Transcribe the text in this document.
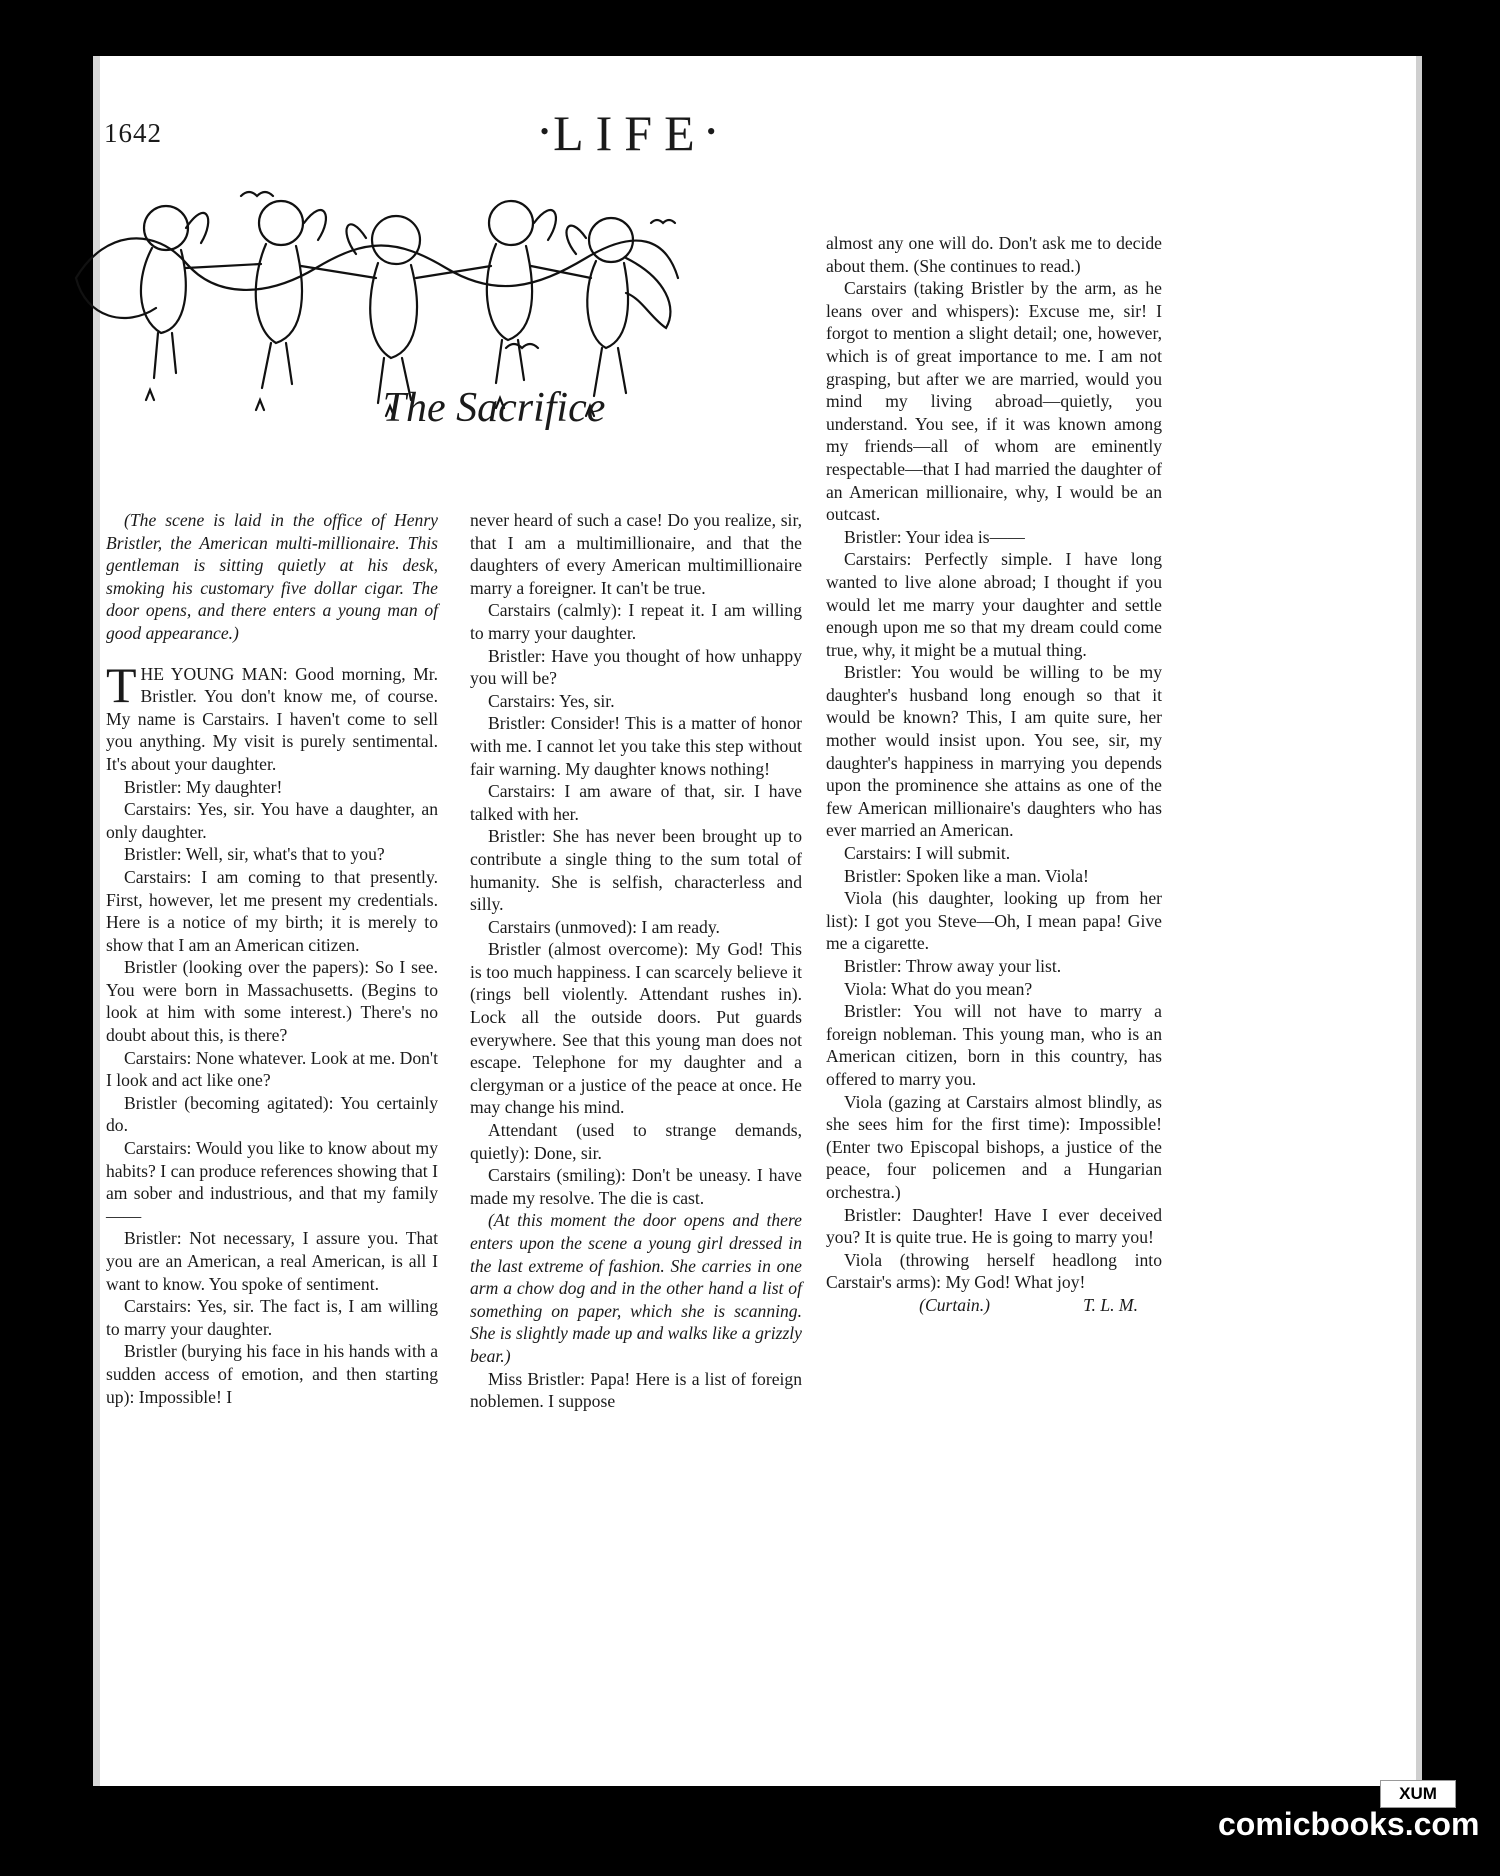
1642	•LIFE•
The Sacrifice

(The scene is laid in the office of Henry Bristler, the American multi-millionaire. This gentleman is sitting quietly at his desk, smoking his customary five dollar cigar. The door opens, and there enters a young man of good appearance.)

THE YOUNG MAN: Good morning, Mr. Bristler. You don't know me, of course. My name is Carstairs. I haven't come to sell you anything. My visit is purely sentimental. It's about your daughter.

Bristler: My daughter!

Carstairs: Yes, sir. You have a daughter, an only daughter.

Bristler: Well, sir, what's that to you?

Carstairs: I am coming to that presently. First, however, let me present my credentials. Here is a notice of my birth; it is merely to show that I am an American citizen.

Bristler (looking over the papers): So I see. You were born in Massachusetts. (Begins to look at him with some interest.) There's no doubt about this, is there?

Carstairs: None whatever. Look at me. Don't I look and act like one?

Bristler (becoming agitated): You certainly do.

Carstairs: Would you like to know about my habits? I can produce references showing that I am sober and industrious, and that my family——

Bristler: Not necessary, I assure you. That you are an American, a real American, is all I want to know. You spoke of sentiment.

Carstairs: Yes, sir. The fact is, I am willing to marry your daughter.

Bristler (burying his face in his hands with a sudden access of emotion, and then starting up): Impossible! I

never heard of such a case! Do you realize, sir, that I am a multimillionaire, and that the daughters of every American multimillionaire marry a foreigner. It can't be true.

Carstairs (calmly): I repeat it. I am willing to marry your daughter.

Bristler: Have you thought of how unhappy you will be?

Carstairs: Yes, sir.

Bristler: Consider! This is a matter of honor with me. I cannot let you take this step without fair warning. My daughter knows nothing!

Carstairs: I am aware of that, sir. I have talked with her.

Bristler: She has never been brought up to contribute a single thing to the sum total of humanity. She is selfish, characterless and silly.

Carstairs (unmoved): I am ready.

Bristler (almost overcome): My God! This is too much happiness. I can scarcely believe it (rings bell violently. Attendant rushes in). Lock all the outside doors. Put guards everywhere. See that this young man does not escape. Telephone for my daughter and a clergyman or a justice of the peace at once. He may change his mind.

Attendant (used to strange demands, quietly): Done, sir.

Carstairs (smiling): Don't be uneasy. I have made my resolve. The die is cast.

(At this moment the door opens and there enters upon the scene a young girl dressed in the last extreme of fashion. She carries in one arm a chow dog and in the other hand a list of something on paper, which she is scanning. She is slightly made up and walks like a grizzly bear.)

Miss Bristler: Papa! Here is a list of foreign noblemen. I suppose

almost any one will do. Don't ask me to decide about them. (She continues to read.)

Carstairs (taking Bristler by the arm, as he leans over and whispers): Excuse me, sir! I forgot to mention a slight detail; one, however, which is of great importance to me. I am not grasping, but after we are married, would you mind my living abroad—quietly, you understand. You see, if it was known among my friends—all of whom are eminently respectable—that I had married the daughter of an American millionaire, why, I would be an outcast.

Bristler: Your idea is——

Carstairs: Perfectly simple. I have long wanted to live alone abroad; I thought if you would let me marry your daughter and settle enough upon me so that my dream could come true, why, it might be a mutual thing.

Bristler: You would be willing to be my daughter's husband long enough so that it would be known? This, I am quite sure, her mother would insist upon. You see, sir, my daughter's happiness in marrying you depends upon the prominence she attains as one of the few American millionaire's daughters who has ever married an American.

Carstairs: I will submit.

Bristler: Spoken like a man. Viola!

Viola (his daughter, looking up from her list): I got you Steve—Oh, I mean papa! Give me a cigarette.

Bristler: Throw away your list.

Viola: What do you mean?

Bristler: You will not have to marry a foreign nobleman. This young man, who is an American citizen, born in this country, has offered to marry you.

Viola (gazing at Carstairs almost blindly, as she sees him for the first time): Impossible! (Enter two Episcopal bishops, a justice of the peace, four policemen and a Hungarian orchestra.)

Bristler: Daughter! Have I ever deceived you? It is quite true. He is going to marry you!

Viola (throwing herself headlong into Carstair's arms): My God! What joy!
T. L. M.

(Curtain.)

XUM
comicbooks.com
